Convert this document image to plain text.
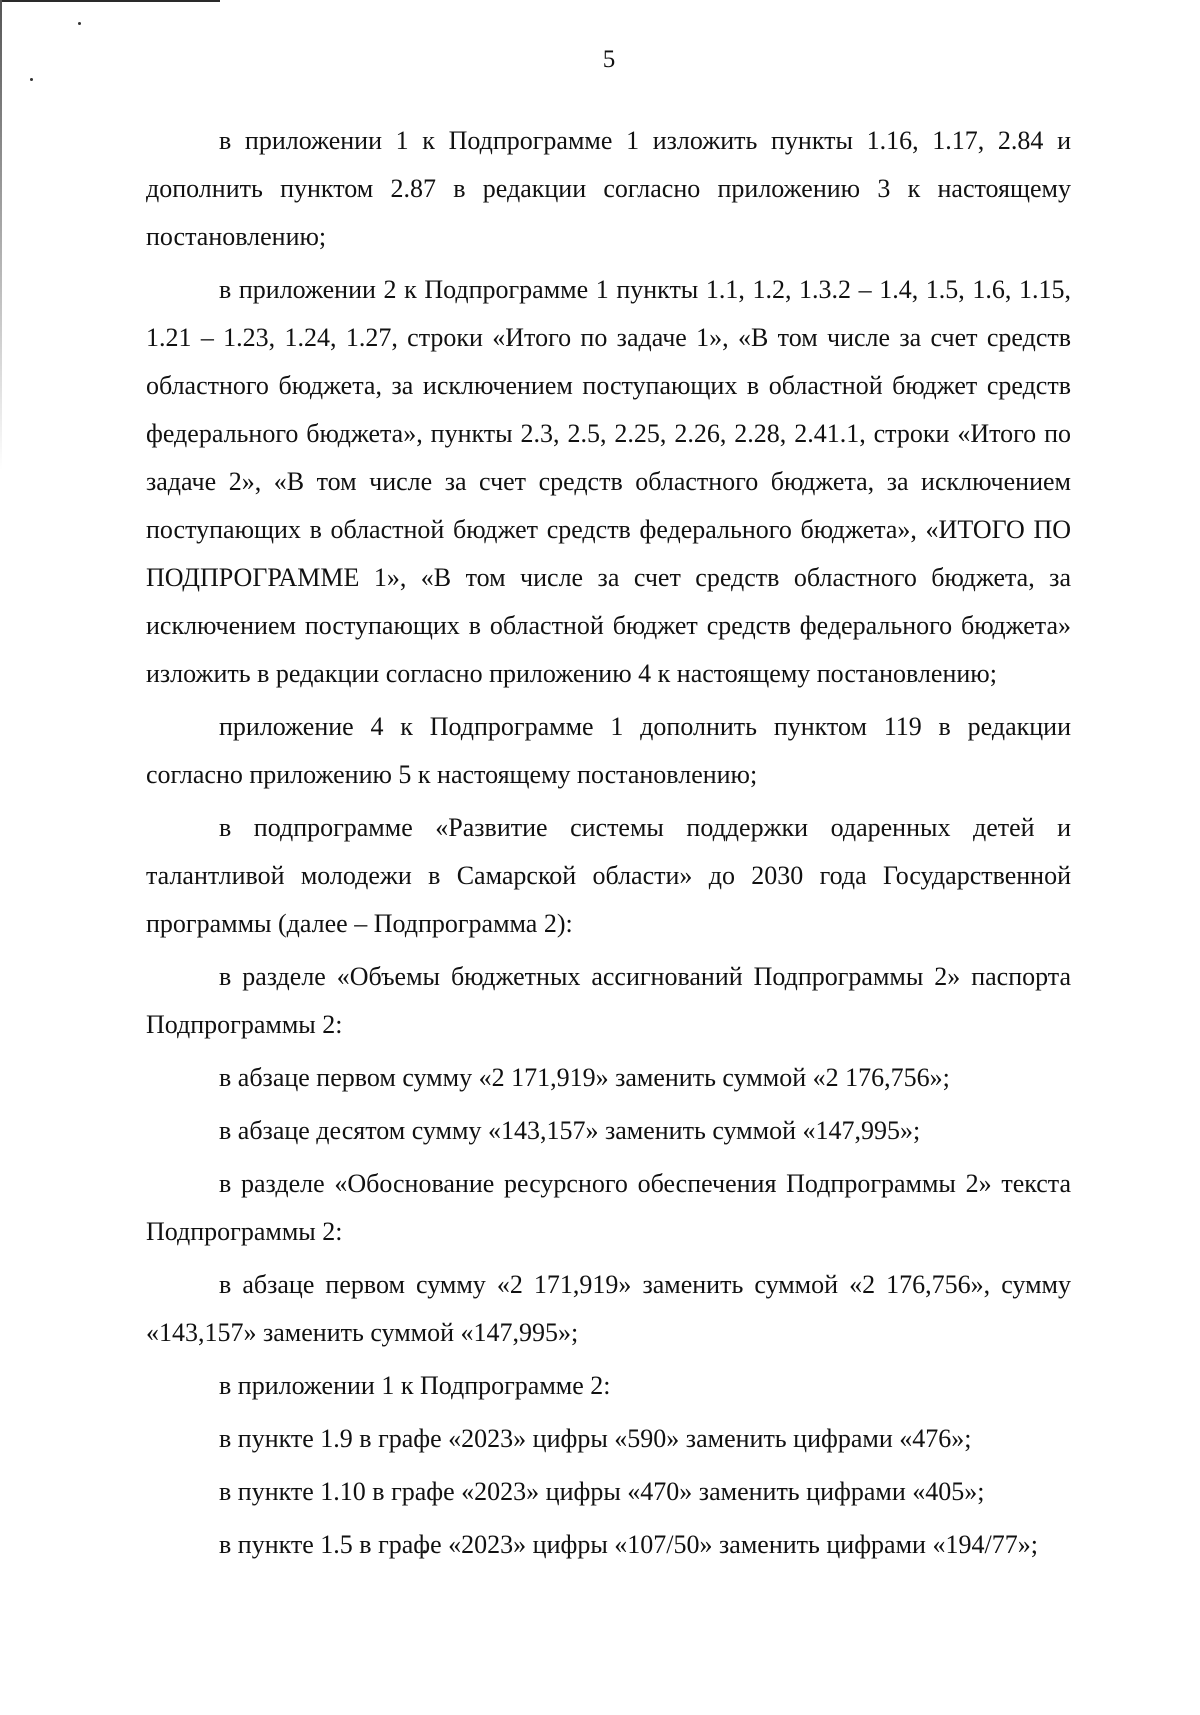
5

в приложении 1 к Подпрограмме 1 изложить пункты 1.16, 1.17, 2.84 и дополнить пунктом 2.87 в редакции согласно приложению 3 к настоящему постановлению;

в приложении 2 к Подпрограмме 1 пункты 1.1, 1.2, 1.3.2 – 1.4, 1.5, 1.6, 1.15, 1.21 – 1.23, 1.24, 1.27, строки «Итого по задаче 1», «В том числе за счет средств областного бюджета, за исключением поступающих в областной бюджет средств федерального бюджета», пункты 2.3, 2.5, 2.25, 2.26, 2.28, 2.41.1, строки «Итого по задаче 2», «В том числе за счет средств областного бюджета, за исключением поступающих в областной бюджет средств федерального бюджета», «ИТОГО ПО ПОДПРОГРАММЕ 1», «В том числе за счет средств областного бюджета, за исключением поступающих в областной бюджет средств федерального бюджета» изложить в редакции согласно приложению 4 к настоящему постановлению;

приложение 4 к Подпрограмме 1 дополнить пунктом 119 в редакции согласно приложению 5 к настоящему постановлению;

в подпрограмме «Развитие системы поддержки одаренных детей и талантливой молодежи в Самарской области» до 2030 года Государственной программы (далее – Подпрограмма 2):

в разделе «Объемы бюджетных ассигнований Подпрограммы 2» паспорта Подпрограммы 2:

в абзаце первом сумму «2 171,919» заменить суммой «2 176,756»;

в абзаце десятом сумму «143,157» заменить суммой «147,995»;

в разделе «Обоснование ресурсного обеспечения Подпрограммы 2» текста Подпрограммы 2:

в абзаце первом сумму «2 171,919» заменить суммой «2 176,756», сумму «143,157» заменить суммой «147,995»;

в приложении 1 к Подпрограмме 2:

в пункте 1.9 в графе «2023» цифры «590» заменить цифрами «476»;

в пункте 1.10 в графе «2023» цифры «470» заменить цифрами «405»;

в пункте 1.5 в графе «2023» цифры «107/50» заменить цифрами «194/77»;
